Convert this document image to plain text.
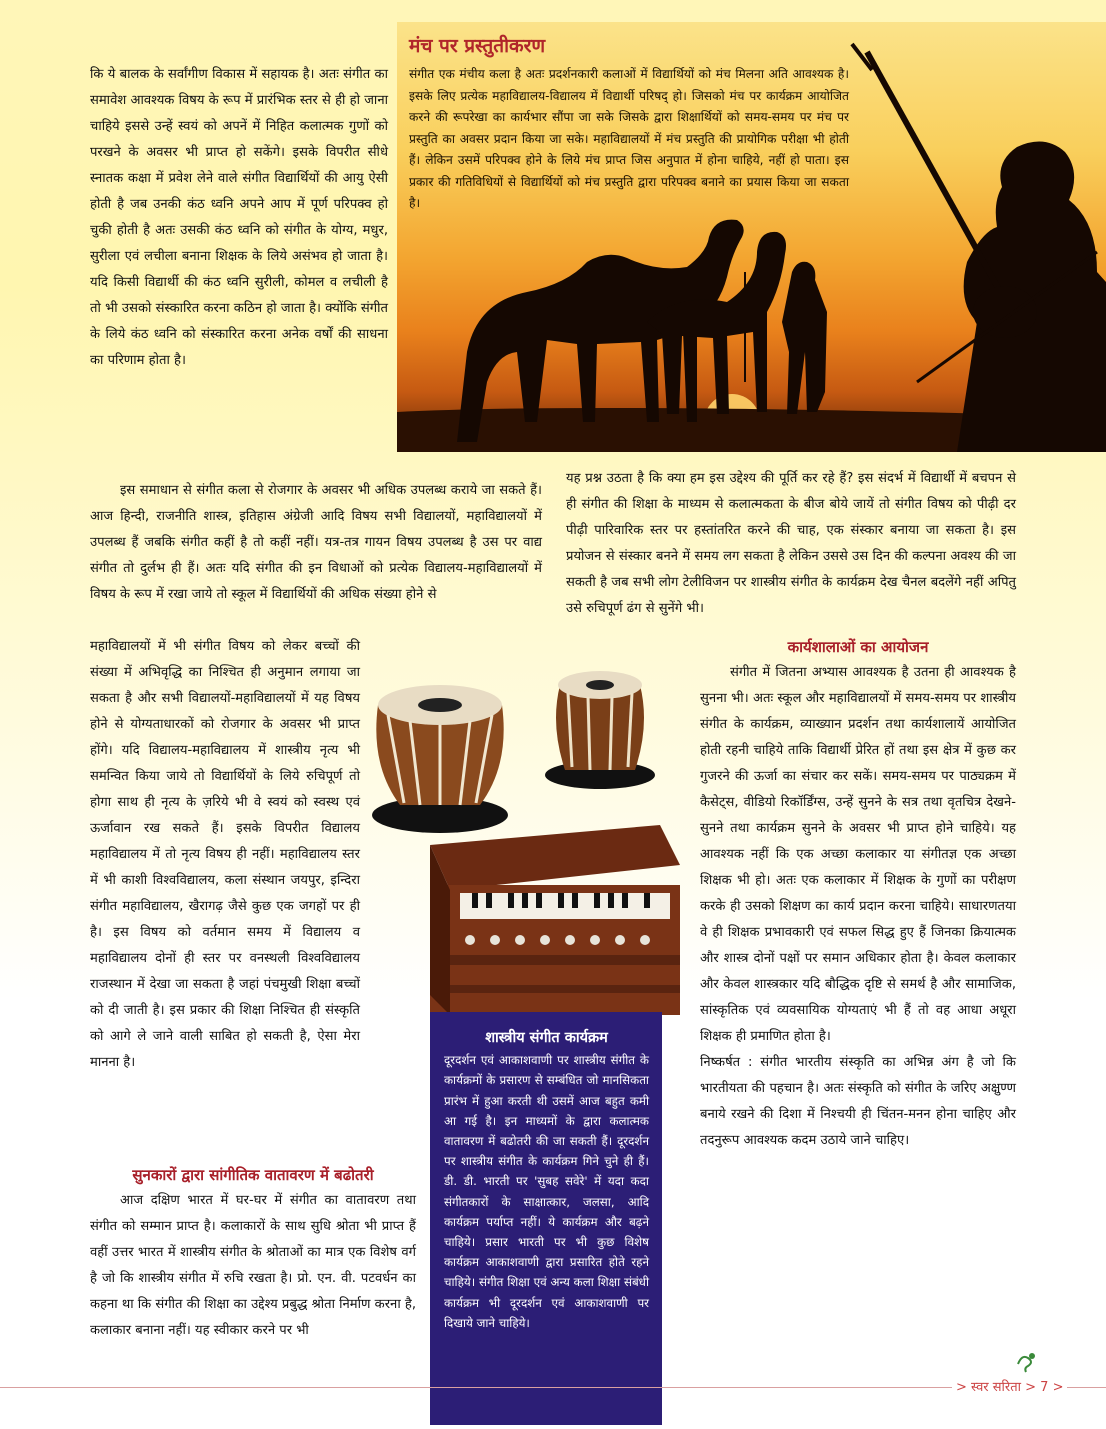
मंच पर प्रस्तुतीकरण

संगीत एक मंचीय कला है अतः प्रदर्शनकारी कलाओं में विद्यार्थियों को मंच मिलना अति आवश्यक है। इसके लिए प्रत्येक महाविद्यालय-विद्यालय में विद्यार्थी परिषद् हो। जिसको मंच पर कार्यक्रम आयोजित करने की रूपरेखा का कार्यभार सौंपा जा सके जिसके द्वारा शिक्षार्थियों को समय-समय पर मंच पर प्रस्तुति का अवसर प्रदान किया जा सके। महाविद्यालयों में मंच प्रस्तुति की प्रायोगिक परीक्षा भी होती हैं। लेकिन उसमें परिपक्व होने के लिये मंच प्राप्त जिस अनुपात में होना चाहिये, नहीं हो पाता। इस प्रकार की गतिविधियों से विद्यार्थियों को मंच प्रस्तुति द्वारा परिपक्व बनाने का प्रयास किया जा सकता है।

कि ये बालक के सर्वांगीण विकास में सहायक है। अतः संगीत का समावेश आवश्यक विषय के रूप में प्रारंभिक स्तर से ही हो जाना चाहिये इससे उन्हें स्वयं को अपनें में निहित कलात्मक गुणों को परखने के अवसर भी प्राप्त हो सकेंगे। इसके विपरीत सीधे स्नातक कक्षा में प्रवेश लेने वाले संगीत विद्यार्थियों की आयु ऐसी होती है जब उनकी कंठ ध्वनि अपने आप में पूर्ण परिपक्व हो चुकी होती है अतः उसकी कंठ ध्वनि को संगीत के योग्य, मधुर, सुरीला एवं लचीला बनाना शिक्षक के लिये असंभव हो जाता है। यदि किसी विद्यार्थी की कंठ ध्वनि सुरीली, कोमल व लचीली है तो भी उसको संस्कारित करना कठिन हो जाता है। क्योंकि संगीत के लिये कंठ ध्वनि को संस्कारित करना अनेक वर्षों की साधना का परिणाम होता है।

इस समाधान से संगीत कला से रोजगार के अवसर भी अधिक उपलब्ध कराये जा सकते हैं। आज हिन्दी, राजनीति शास्त्र, इतिहास अंग्रेजी आदि विषय सभी विद्यालयों, महाविद्यालयों में उपलब्ध हैं जबकि संगीत कहीं है तो कहीं नहीं। यत्र-तत्र गायन विषय उपलब्ध है उस पर वाद्य संगीत तो दुर्लभ ही हैं। अतः यदि संगीत की इन विधाओं को प्रत्येक विद्यालय-महाविद्यालयों में विषय के रूप में रखा जाये तो स्कूल में विद्यार्थियों की अधिक संख्या होने से

महाविद्यालयों में भी संगीत विषय को लेकर बच्चों की संख्या में अभिवृद्धि का निश्चित ही अनुमान लगाया जा सकता है और सभी विद्यालयों-महाविद्यालयों में यह विषय होने से योग्यताधारकों को रोजगार के अवसर भी प्राप्त होंगे। यदि विद्यालय-महाविद्यालय में शास्त्रीय नृत्य भी समन्वित किया जाये तो विद्यार्थियों के लिये रुचिपूर्ण तो होगा साथ ही नृत्य के ज़रिये भी वे स्वयं को स्वस्थ एवं ऊर्जावान रख सकते हैं। इसके विपरीत विद्यालय महाविद्यालय में तो नृत्य विषय ही नहीं। महाविद्यालय स्तर में भी काशी विश्वविद्यालय, कला संस्थान जयपुर, इन्दिरा संगीत महाविद्यालय, खैरागढ़ जैसे कुछ एक जगहों पर ही है। इस विषय को वर्तमान समय में विद्यालय व महाविद्यालय दोनों ही स्तर पर वनस्थली विश्वविद्यालय राजस्थान में देखा जा सकता है जहां पंचमुखी शिक्षा बच्चों को दी जाती है। इस प्रकार की शिक्षा निश्चित ही संस्कृति को आगे ले जाने वाली साबित हो सकती है, ऐसा मेरा मानना है।

सुनकारों द्वारा सांगीतिक वातावरण में बढोतरी

आज दक्षिण भारत में घर-घर में संगीत का वातावरण तथा संगीत को सम्मान प्राप्त है। कलाकारों के साथ सुधि श्रोता भी प्राप्त हैं वहीं उत्तर भारत में शास्त्रीय संगीत के श्रोताओं का मात्र एक विशेष वर्ग है जो कि शास्त्रीय संगीत में रुचि रखता है। प्रो. एन. वी. पटवर्धन का कहना था कि संगीत की शिक्षा का उद्देश्य प्रबुद्ध श्रोता निर्माण करना है, कलाकार बनाना नहीं। यह स्वीकार करने पर भी

यह प्रश्न उठता है कि क्या हम इस उद्देश्य की पूर्ति कर रहे हैं? इस संदर्भ में विद्यार्थी में बचपन से ही संगीत की शिक्षा के माध्यम से कलात्मकता के बीज बोये जायें तो संगीत विषय को पीढ़ी दर पीढ़ी पारिवारिक स्तर पर हस्तांतरित करने की चाह, एक संस्कार बनाया जा सकता है। इस प्रयोजन से संस्कार बनने में समय लग सकता है लेकिन उससे उस दिन की कल्पना अवश्य की जा सकती है जब सभी लोग टेलीविजन पर शास्त्रीय संगीत के कार्यक्रम देख चैनल बदलेंगे नहीं अपितु उसे रुचिपूर्ण ढंग से सुनेंगे भी।

कार्यशालाओं का आयोजन

संगीत में जितना अभ्यास आवश्यक है उतना ही आवश्यक है सुनना भी। अतः स्कूल और महाविद्यालयों में समय-समय पर शास्त्रीय संगीत के कार्यक्रम, व्याख्यान प्रदर्शन तथा कार्यशालायें आयोजित होती रहनी चाहिये ताकि विद्यार्थी प्रेरित हों तथा इस क्षेत्र में कुछ कर गुजरने की ऊर्जा का संचार कर सकें। समय-समय पर पाठ्यक्रम में कैसेट्स, वीडियो रिकॉर्डिंग्स, उन्हें सुनने के सत्र तथा वृतचित्र देखने-सुनने तथा कार्यक्रम सुनने के अवसर भी प्राप्त होने चाहिये। यह आवश्यक नहीं कि एक अच्छा कलाकार या संगीतज्ञ एक अच्छा शिक्षक भी हो। अतः एक कलाकार में शिक्षक के गुणों का परीक्षण करके ही उसको शिक्षण का कार्य प्रदान करना चाहिये। साधारणतया वे ही शिक्षक प्रभावकारी एवं सफल सिद्ध हुए हैं जिनका क्रियात्मक और शास्त्र दोनों पक्षों पर समान अधिकार होता है। केवल कलाकार और केवल शास्त्रकार यदि बौद्धिक दृष्टि से समर्थ है और सामाजिक, सांस्कृतिक एवं व्यवसायिक योग्यताएं भी हैं तो वह आधा अधूरा शिक्षक ही प्रमाणित होता है।

निष्कर्षत : संगीत भारतीय संस्कृति का अभिन्न अंग है जो कि भारतीयता की पहचान है। अतः संस्कृति को संगीत के जरिए अक्षुण्ण बनाये रखने की दिशा में निश्चयी ही चिंतन-मनन होना चाहिए और तदनुरूप आवश्यक कदम उठाये जाने चाहिए।

शास्त्रीय संगीत कार्यक्रम

दूरदर्शन एवं आकाशवाणी पर शास्त्रीय संगीत के कार्यक्रमों के प्रसारण से सम्बंधित जो मानसिकता प्रारंभ में हुआ करती थी उसमें आज बहुत कमी आ गई है। इन माध्यमों के द्वारा कलात्मक वातावरण में बढोतरी की जा सकती हैं। दूरदर्शन पर शास्त्रीय संगीत के कार्यक्रम गिने चुने ही हैं। डी. डी. भारती पर 'सुबह सवेरे' में यदा कदा संगीतकारों के साक्षात्कार, जलसा, आदि कार्यक्रम पर्याप्त नहीं। ये कार्यक्रम और बढ़ने चाहिये। प्रसार भारती पर भी कुछ विशेष कार्यक्रम आकाशवाणी द्वारा प्रसारित होते रहने चाहिये। संगीत शिक्षा एवं अन्य कला शिक्षा संबंधी कार्यक्रम भी दूरदर्शन एवं आकाशवाणी पर दिखाये जाने चाहिये।

> स्वर सरिता > 7 >
